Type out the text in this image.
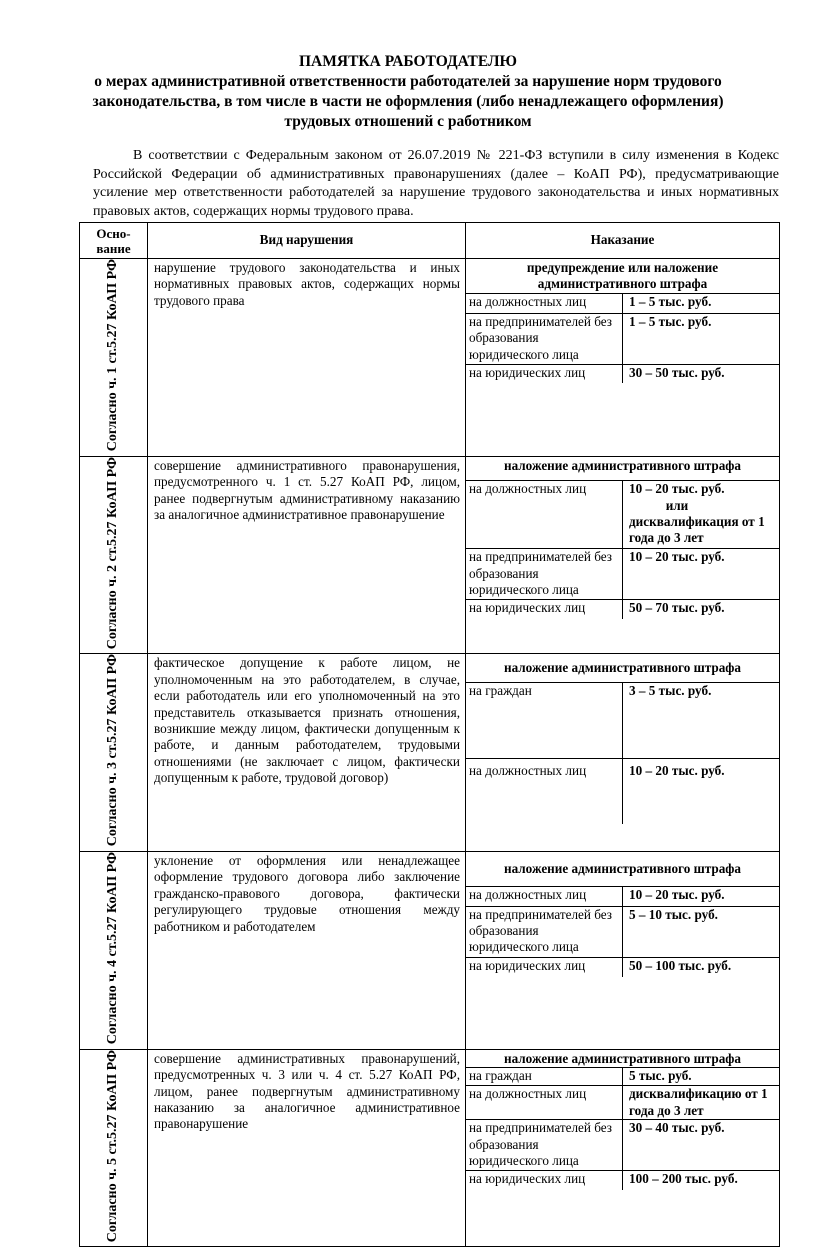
ПАМЯТКА РАБОТОДАТЕЛЮ
о мерах административной ответственности работодателей за нарушение норм трудового
законодательства, в том числе в части не оформления (либо ненадлежащего оформления)
трудовых отношений с работником
В соответствии с Федеральным законом от 26.07.2019 № 221-ФЗ вступили в силу изменения в Кодекс Российской Федерации об административных правонарушениях (далее – КоАП РФ), предусматривающие усиление мер ответственности работодателей за нарушение трудового законодательства и иных нормативных правовых актов, содержащих нормы трудового права.
Осно-
вание
	Вид нарушения	Наказание
Согласно ч. 1 ст.5.27 КоАП РФ	нарушение трудового законодательства и иных нормативных правовых актов, содержащих нормы трудового права	
предупреждение или наложение административного штрафа
на должностных лиц	1 – 5 тыс. руб.
на предпринимателей без образования юридического лица	1 – 5 тыс. руб.
на юридических лиц	30 – 50 тыс. руб.

Согласно ч. 2 ст.5.27 КоАП РФ	совершение административного правонарушения, предусмотренного ч. 1 ст. 5.27 КоАП РФ, лицом, ранее подвергнутым административному наказанию за аналогичное административное правонарушение	
наложение административного штрафа
на должностных лиц	10 – 20 тыс. руб.
или
дисквалификация от 1 года до 3 лет

на предпринимателей без образования юридического лица	10 – 20 тыс. руб.
на юридических лиц	50 – 70 тыс. руб.

Согласно ч. 3 ст.5.27 КоАП РФ	фактическое допущение к работе лицом, не уполномоченным на это работодателем, в случае, если работодатель или его уполномоченный на это представитель отказывается признать отношения, возникшие между лицом, фактически допущенным к работе, и данным работодателем, трудовыми отношениями (не заключает с лицом, фактически допущенным к работе, трудовой договор)	
наложение административного штрафа
на граждан	3 – 5 тыс. руб.
на должностных лиц	10 – 20 тыс. руб.

Согласно ч. 4 ст.5.27 КоАП РФ	уклонение от оформления или ненадлежащее оформление трудового договора либо заключение гражданско-правового договора, фактически регулирующего трудовые отношения между работником и работодателем	
наложение административного штрафа
на должностных лиц	10 – 20 тыс. руб.
на предпринимателей без образования юридического лица	5 – 10 тыс. руб.
на юридических лиц	50 – 100 тыс. руб.

Согласно ч. 5 ст.5.27 КоАП РФ	совершение административных правонарушений, предусмотренных ч. 3 или ч. 4 ст. 5.27 КоАП РФ, лицом, ранее подвергнутым административному наказанию за аналогичное административное правонарушение	
наложение административного штрафа
на граждан	5 тыс. руб.
на должностных лиц	дисквалификацию от 1 года до 3 лет
на предпринимателей без образования юридического лица	30 – 40 тыс. руб.
на юридических лиц	100 – 200 тыс. руб.
